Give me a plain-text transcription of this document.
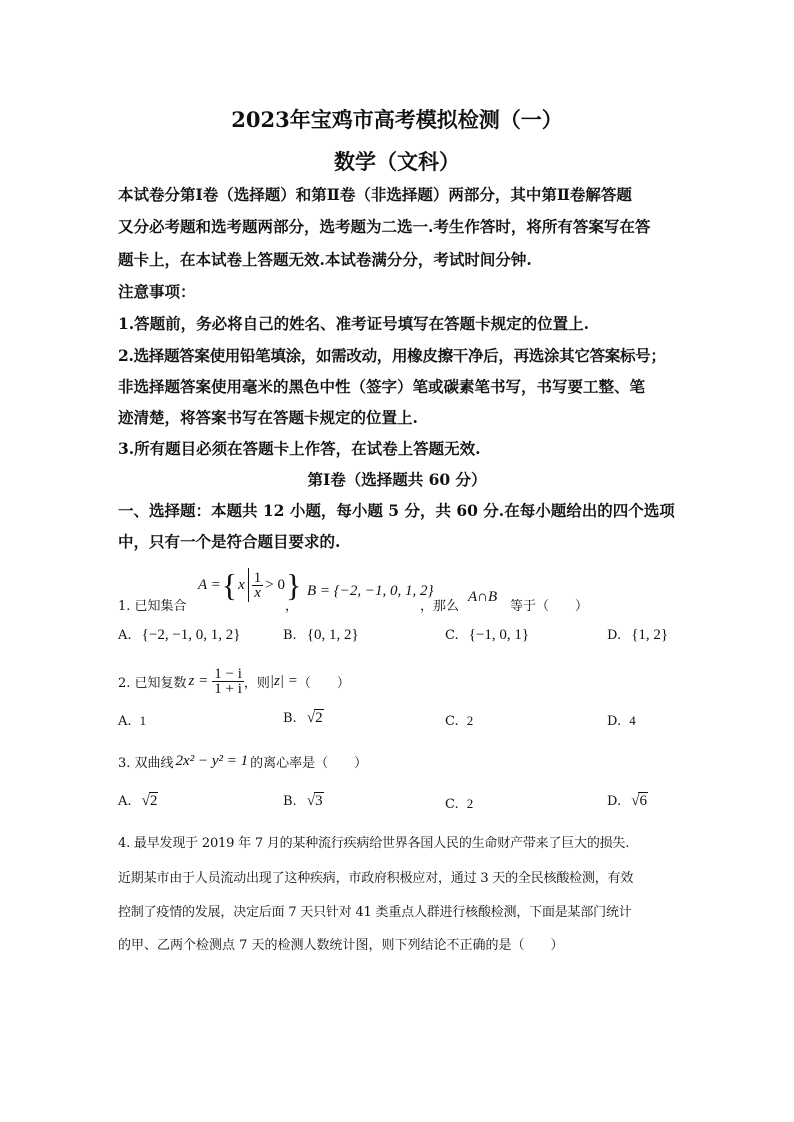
2023年宝鸡市高考模拟检测（一）
数学（文科）
本试卷分第Ⅰ卷（选择题）和第Ⅱ卷（非选择题）两部分，其中第Ⅱ卷解答题
又分必考题和选考题两部分，选考题为二选一.考生作答时，将所有答案写在答
题卡上，在本试卷上答题无效.本试卷满分分，考试时间分钟.
注意事项：
1.答题前，务必将自己的姓名、准考证号填写在答题卡规定的位置上.
2.选择题答案使用铅笔填涂，如需改动，用橡皮擦干净后，再选涂其它答案标号；
非选择题答案使用毫米的黑色中性（签字）笔或碳素笔书写，书写要工整、笔
迹清楚，将答案书写在答题卡规定的位置上.
3.所有题目必须在答题卡上作答，在试卷上答题无效.
第Ⅰ卷（选择题共 60 分）
一、选择题：本题共 12 小题，每小题 5 分，共 60 分.在每小题给出的四个选项
中，只有一个是符合题目要求的.
1. 已知集合
A = { x $\frac{1}{x} > 0$ }
，
B = {−2, −1, 0, 1, 2}
，那么
A∩B
等于（　　）
A. {−2, −1, 0, 1, 2}	B. {0, 1, 2}	C. {−1, 0, 1}	D. {1, 2}
2. 已知复数 $z = \frac{1 - i}{1 + i}$ ，则 |z| = （　　）
A. 1	B. √2	C. 2	D. 4
3. 双曲线 2x² − y² = 1 的离心率是（　　）
A. √2	B. √3	C. 2	D. √6
4. 最早发现于 2019 年 7 月的某种流行疾病给世界各国人民的生命财产带来了巨大的损失.
近期某市由于人员流动出现了这种疾病，市政府积极应对，通过 3 天的全民核酸检测，有效
控制了疫情的发展，决定后面 7 天只针对 41 类重点人群进行核酸检测，下面是某部门统计
的甲、乙两个检测点 7 天的检测人数统计图，则下列结论不正确的是（　　）
